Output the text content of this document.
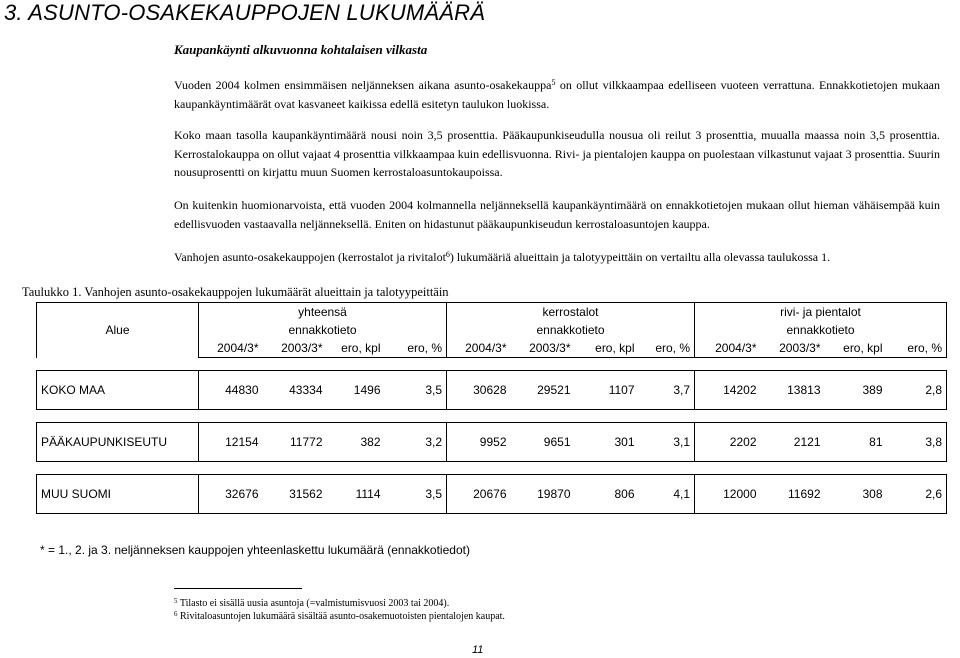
3. ASUNTO-OSAKEKAUPPOJEN LUKUMÄÄRÄ
Kaupankäynti alkuvuonna kohtalaisen vilkasta
Vuoden 2004 kolmen ensimmäisen neljänneksen aikana asunto-osakekauppa$^5$ on ollut vilkkaampaa edelliseen vuoteen verrattuna. Ennakkotietojen mukaan kaupankäyntimäärät ovat kasvaneet kaikissa edellä esitetyn taulukon luokissa.
Koko maan tasolla kaupankäyntimäärä nousi noin 3,5 prosenttia. Pääkaupunkiseudulla nousua oli reilut 3 prosenttia, muualla maassa noin 3,5 prosenttia. Kerrostalokauppa on ollut vajaat 4 prosenttia vilkkaampaa kuin edellisvuonna. Rivi- ja pientalojen kauppa on puolestaan vilkastunut vajaat 3 prosenttia. Suurin nousuprosentti on kirjattu muun Suomen kerrostaloasuntokaupoissa.
On kuitenkin huomionarvoista, että vuoden 2004 kolmannella neljänneksellä kaupankäyntimäärä on ennakkotietojen mukaan ollut hieman vähäisempää kuin edellisvuoden vastaavalla neljänneksellä. Eniten on hidastunut pääkaupunkiseudun kerrostaloasuntojen kauppa.
Vanhojen asunto-osakekauppojen (kerrostalot ja rivitalot$^6$) lukumääriä alueittain ja talotyypeittäin on vertailtu alla olevassa taulukossa 1.
Taulukko 1. Vanhojen asunto-osakekauppojen lukumäärät alueittain ja talotyypeittäin
Alue	yhteensä				kerrostalot				rivi- ja pientalot			
	ennakkotieto				ennakkotieto				ennakkotieto			
	2004/3*	2003/3*	ero, kpl	ero, %	2004/3*	2003/3*	ero, kpl	ero, %	2004/3*	2003/3*	ero, kpl	ero, %

KOKO MAA	44830	43334	1496	3,5	30628	29521	1107	3,7	14202	13813	389	2,8

PÄÄKAUPUNKISEUTU	12154	11772	382	3,2	9952	9651	301	3,1	2202	2121	81	3,8

MUU SUOMI	32676	31562	1114	3,5	20676	19870	806	4,1	12000	11692	308	2,6
* = 1., 2. ja 3. neljänneksen kauppojen yhteenlaskettu lukumäärä (ennakkotiedot)
$^5$ Tilasto ei sisällä uusia asuntoja (=valmistumisvuosi 2003 tai 2004).
$^6$ Rivitaloasuntojen lukumäärä sisältää asunto-osakemuotoisten pientalojen kaupat.
11
